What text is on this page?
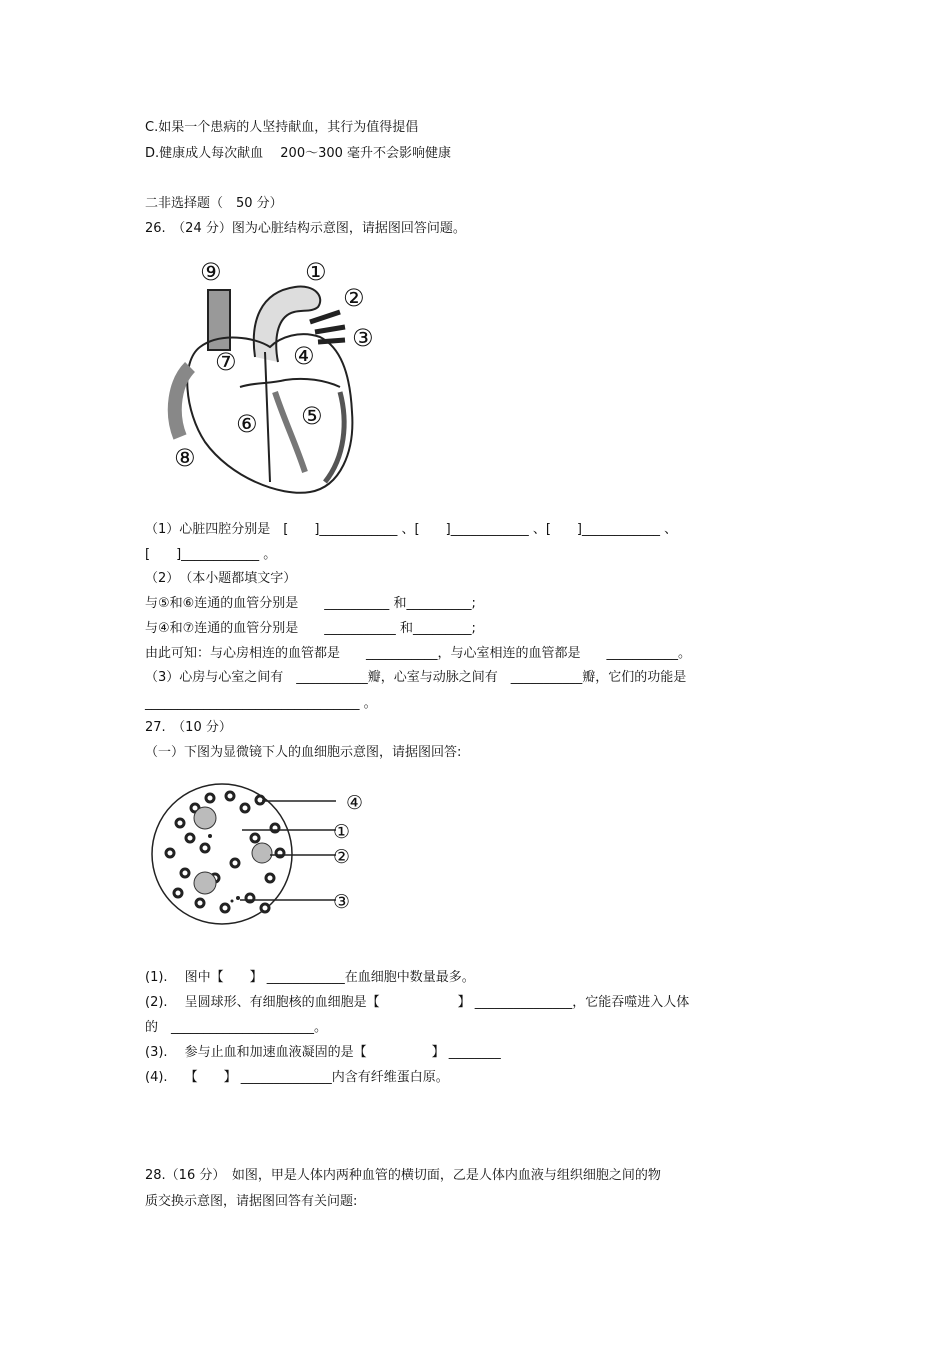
C.如果一个患病的人坚持献血，其行为值得提倡
D.健康成人每次献血　 200～300 毫升不会影响健康
二非选择题（　50 分）
26.　（24 分）图为心脏结构示意图，请据图回答问题。
⑨	①
②
③
⑦ ④
⑥ ⑤
⑧
（1）心脏四腔分别是　[　　]____________ 、[　　]____________ 、[　　]____________ 、
[　　]____________ 。
（2）　（本小题都填文字）
与⑤和⑥连通的血管分别是　　__________ 和__________;
与④和⑦连通的血管分别是　　___________ 和_________;
由此可知：与心房相连的血管都是　　___________，与心室相连的血管都是　　___________。
（3）心房与心室之间有　___________瓣，心室与动脉之间有　___________瓣，它们的功能是
_________________________________ 。
27.　（10 分）
（一）下图为显微镜下人的血细胞示意图，请据图回答:
④
①
②
③
(1).　 图中【　　】 ____________在血细胞中数量最多。
(2).　 呈圆球形、有细胞核的血细胞是【　　　　　　】 _______________，它能吞噬进入人体
的　______________________。
(3).　 参与止血和加速血液凝固的是【　　　　　】 ________
(4).　 【　　】 ______________内含有纤维蛋白原。
28.（16 分）　如图，甲是人体内两种血管的横切面，乙是人体内血液与组织细胞之间的物
质交换示意图，请据图回答有关问题:
